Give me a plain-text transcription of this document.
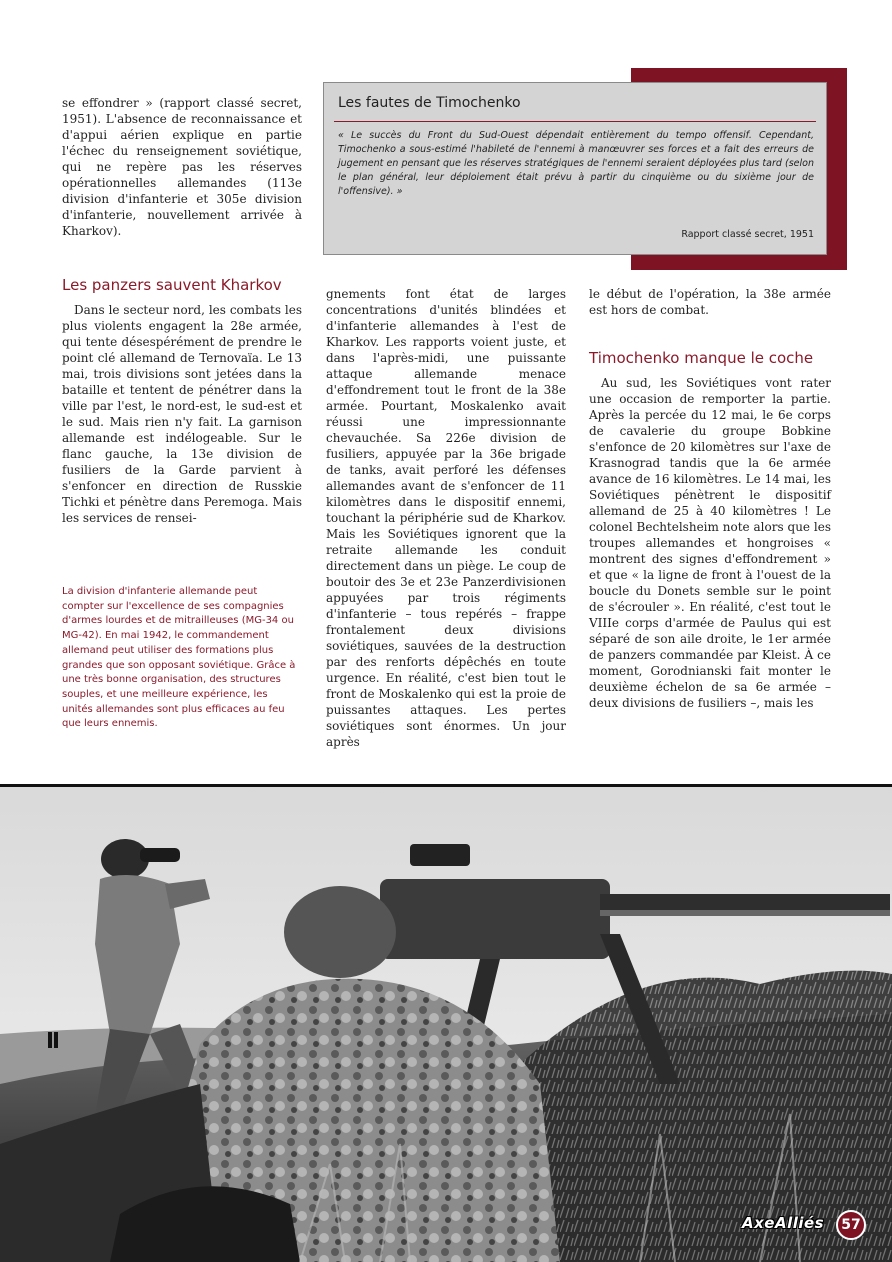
Les fautes de Timochenko

« Le succès du Front du Sud-Ouest dépendait entièrement du tempo offensif. Cependant, Timochenko a sous-estimé l'habileté de l'ennemi à manœuvrer ses forces et a fait des erreurs de jugement en pensant que les réserves stratégiques de l'ennemi seraient déployées plus tard (selon le plan général, leur déploiement était prévu à partir du cinquième ou du sixième jour de l'offensive). »

Rapport classé secret, 1951

se effondrer » (rapport classé secret, 1951). L'absence de reconnaissance et d'appui aérien explique en partie l'échec du renseignement soviétique, qui ne repère pas les réserves opérationnelles allemandes (113e division d'infanterie et 305e division d'infanterie, nouvellement arrivée à Kharkov).

Les panzers sauvent Kharkov

Dans le secteur nord, les combats les plus violents engagent la 28e armée, qui tente désespérément de prendre le point clé allemand de Ternovaïa. Le 13 mai, trois divisions sont jetées dans la bataille et tentent de pénétrer dans la ville par l'est, le nord-est, le sud-est et le sud. Mais rien n'y fait. La garnison allemande est indélogeable. Sur le flanc gauche, la 13e division de fusiliers de la Garde parvient à s'enfoncer en direction de Russkie Tichki et pénètre dans Peremoga. Mais les services de rensei-

La division d'infanterie allemande peut compter sur l'excellence de ses compagnies d'armes lourdes et de mitrailleuses (MG-34 ou MG-42). En mai 1942, le commandement allemand peut utiliser des formations plus grandes que son opposant soviétique. Grâce à une très bonne organisation, des structures souples, et une meilleure expérience, les unités allemandes sont plus efficaces au feu que leurs ennemis.

gnements font état de larges concentrations d'unités blindées et d'infanterie allemandes à l'est de Kharkov. Les rapports voient juste, et dans l'après-midi, une puissante attaque allemande menace d'effondrement tout le front de la 38e armée. Pourtant, Moskalenko avait réussi une impressionnante chevauchée. Sa 226e division de fusiliers, appuyée par la 36e brigade de tanks, avait perforé les défenses allemandes avant de s'enfoncer de 11 kilomètres dans le dispositif ennemi, touchant la périphérie sud de Kharkov. Mais les Soviétiques ignorent que la retraite allemande les conduit directement dans un piège. Le coup de boutoir des 3e et 23e Panzerdivisionen appuyées par trois régiments d'infanterie – tous repérés – frappe frontalement deux divisions soviétiques, sauvées de la destruction par des renforts dépêchés en toute urgence. En réalité, c'est bien tout le front de Moskalenko qui est la proie de puissantes attaques. Les pertes soviétiques sont énormes. Un jour après

le début de l'opération, la 38e armée est hors de combat.

Timochenko manque le coche

Au sud, les Soviétiques vont rater une occasion de remporter la partie. Après la percée du 12 mai, le 6e corps de cavalerie du groupe Bobkine s'enfonce de 20 kilomètres sur l'axe de Krasnograd tandis que la 6e armée avance de 16 kilomètres. Le 14 mai, les Soviétiques pénètrent le dispositif allemand de 25 à 40 kilomètres ! Le colonel Bechtelsheim note alors que les troupes allemandes et hongroises « montrent des signes d'effondrement » et que « la ligne de front à l'ouest de la boucle du Donets semble sur le point de s'écrouler ». En réalité, c'est tout le VIIIe corps d'armée de Paulus qui est séparé de son aile droite, le 1er armée de panzers commandée par Kleist. À ce moment, Gorodnianski fait monter le deuxième échelon de sa 6e armée – deux divisions de fusiliers –, mais les

AxeAlliés	57
